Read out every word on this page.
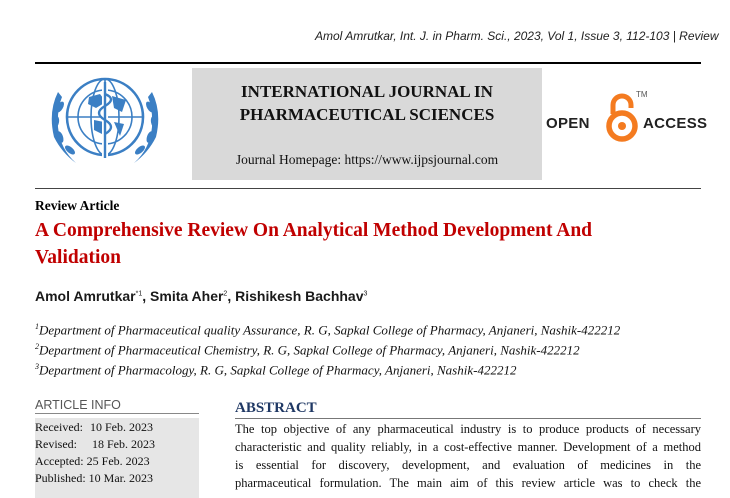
Amol Amrutkar, Int. J. in Pharm. Sci., 2023, Vol 1, Issue 3, 112-103 | Review
INTERNATIONAL JOURNAL IN
PHARMACEUTICAL SCIENCES
Journal Homepage: https://www.ijpsjournal.com
OPEN
TM
ACCESS
Review Article
A Comprehensive Review On Analytical Method Development And
Validation
Amol Amrutkar$^{*1}$, Smita Aher$^2$, Rishikesh Bachhav$^3$
$^1$Department of Pharmaceutical quality Assurance, R. G, Sapkal College of Pharmacy, Anjaneri, Nashik-422212
$^2$Department of Pharmaceutical Chemistry, R. G, Sapkal College of Pharmacy, Anjaneri, Nashik-422212
$^3$Department of Pharmacology, R. G, Sapkal College of Pharmacy, Anjaneri, Nashik-422212
ARTICLE INFO
Received: 10 Feb. 2023
Revised: 18 Feb. 2023
Accepted: 25 Feb. 2023
Published: 10 Mar. 2023
ABSTRACT
The top objective of any pharmaceutical industry is to produce products of necessary
characteristic and quality reliably, in a cost-effective manner. Development of a method
is essential for discovery, development, and evaluation of medicines in the
pharmaceutical formulation. The main aim of this review article was to check the
